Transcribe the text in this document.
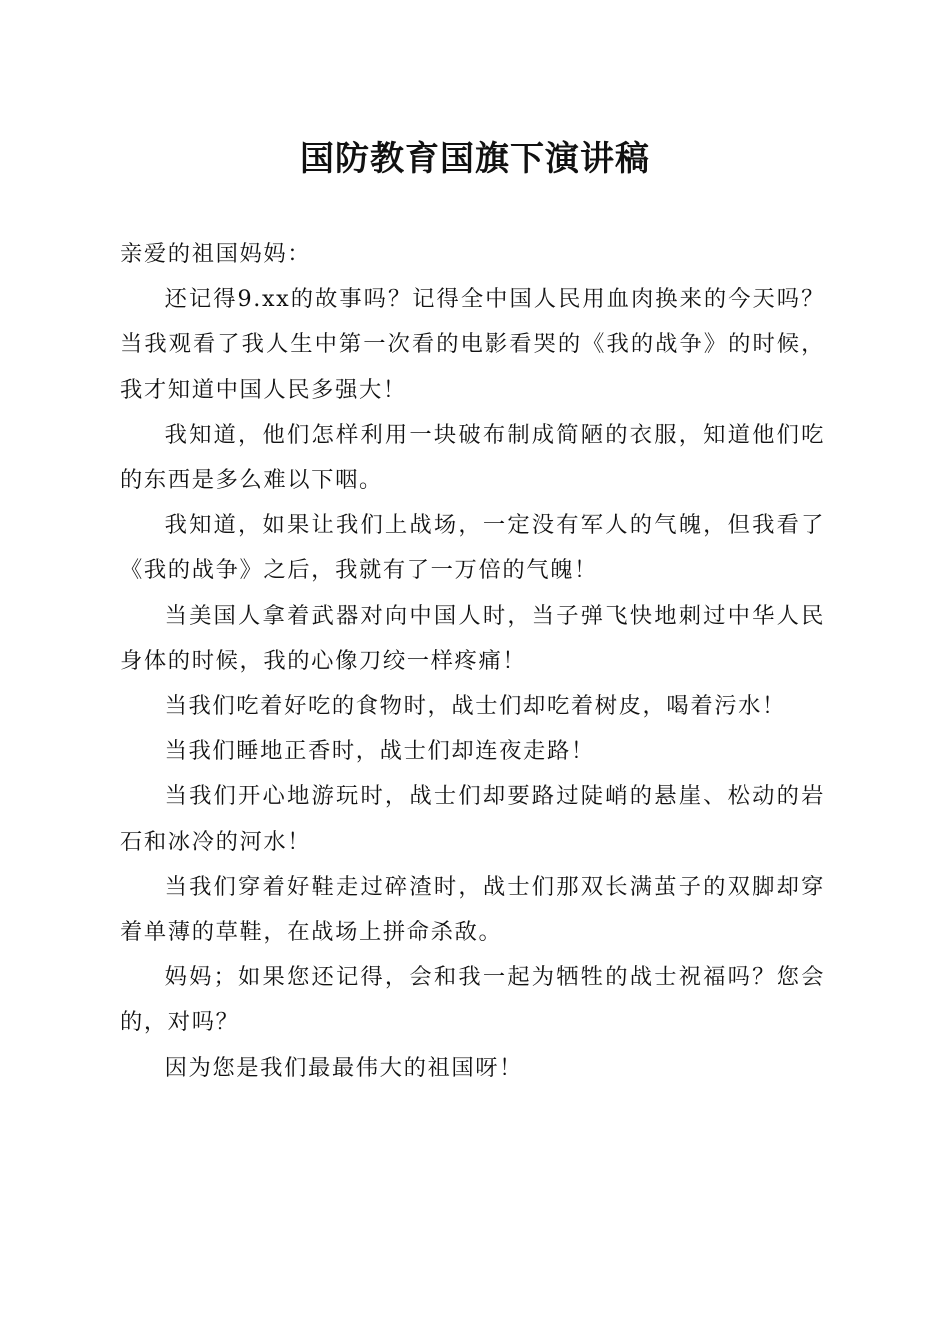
国防教育国旗下演讲稿

亲爱的祖国妈妈：

还记得9.xx的故事吗？记得全中国人民用血肉换来的今天吗？当我观看了我人生中第一次看的电影看哭的《我的战争》的时候，我才知道中国人民多强大！

我知道，他们怎样利用一块破布制成简陋的衣服，知道他们吃的东西是多么难以下咽。

我知道，如果让我们上战场，一定没有军人的气魄，但我看了《我的战争》之后，我就有了一万倍的气魄！

当美国人拿着武器对向中国人时，当子弹飞快地刺过中华人民身体的时候，我的心像刀绞一样疼痛！

当我们吃着好吃的食物时，战士们却吃着树皮，喝着污水！

当我们睡地正香时，战士们却连夜走路！

当我们开心地游玩时，战士们却要路过陡峭的悬崖、松动的岩石和冰冷的河水！

当我们穿着好鞋走过碎渣时，战士们那双长满茧子的双脚却穿着单薄的草鞋，在战场上拼命杀敌。

妈妈；如果您还记得，会和我一起为牺牲的战士祝福吗？您会的，对吗？

因为您是我们最最伟大的祖国呀！
